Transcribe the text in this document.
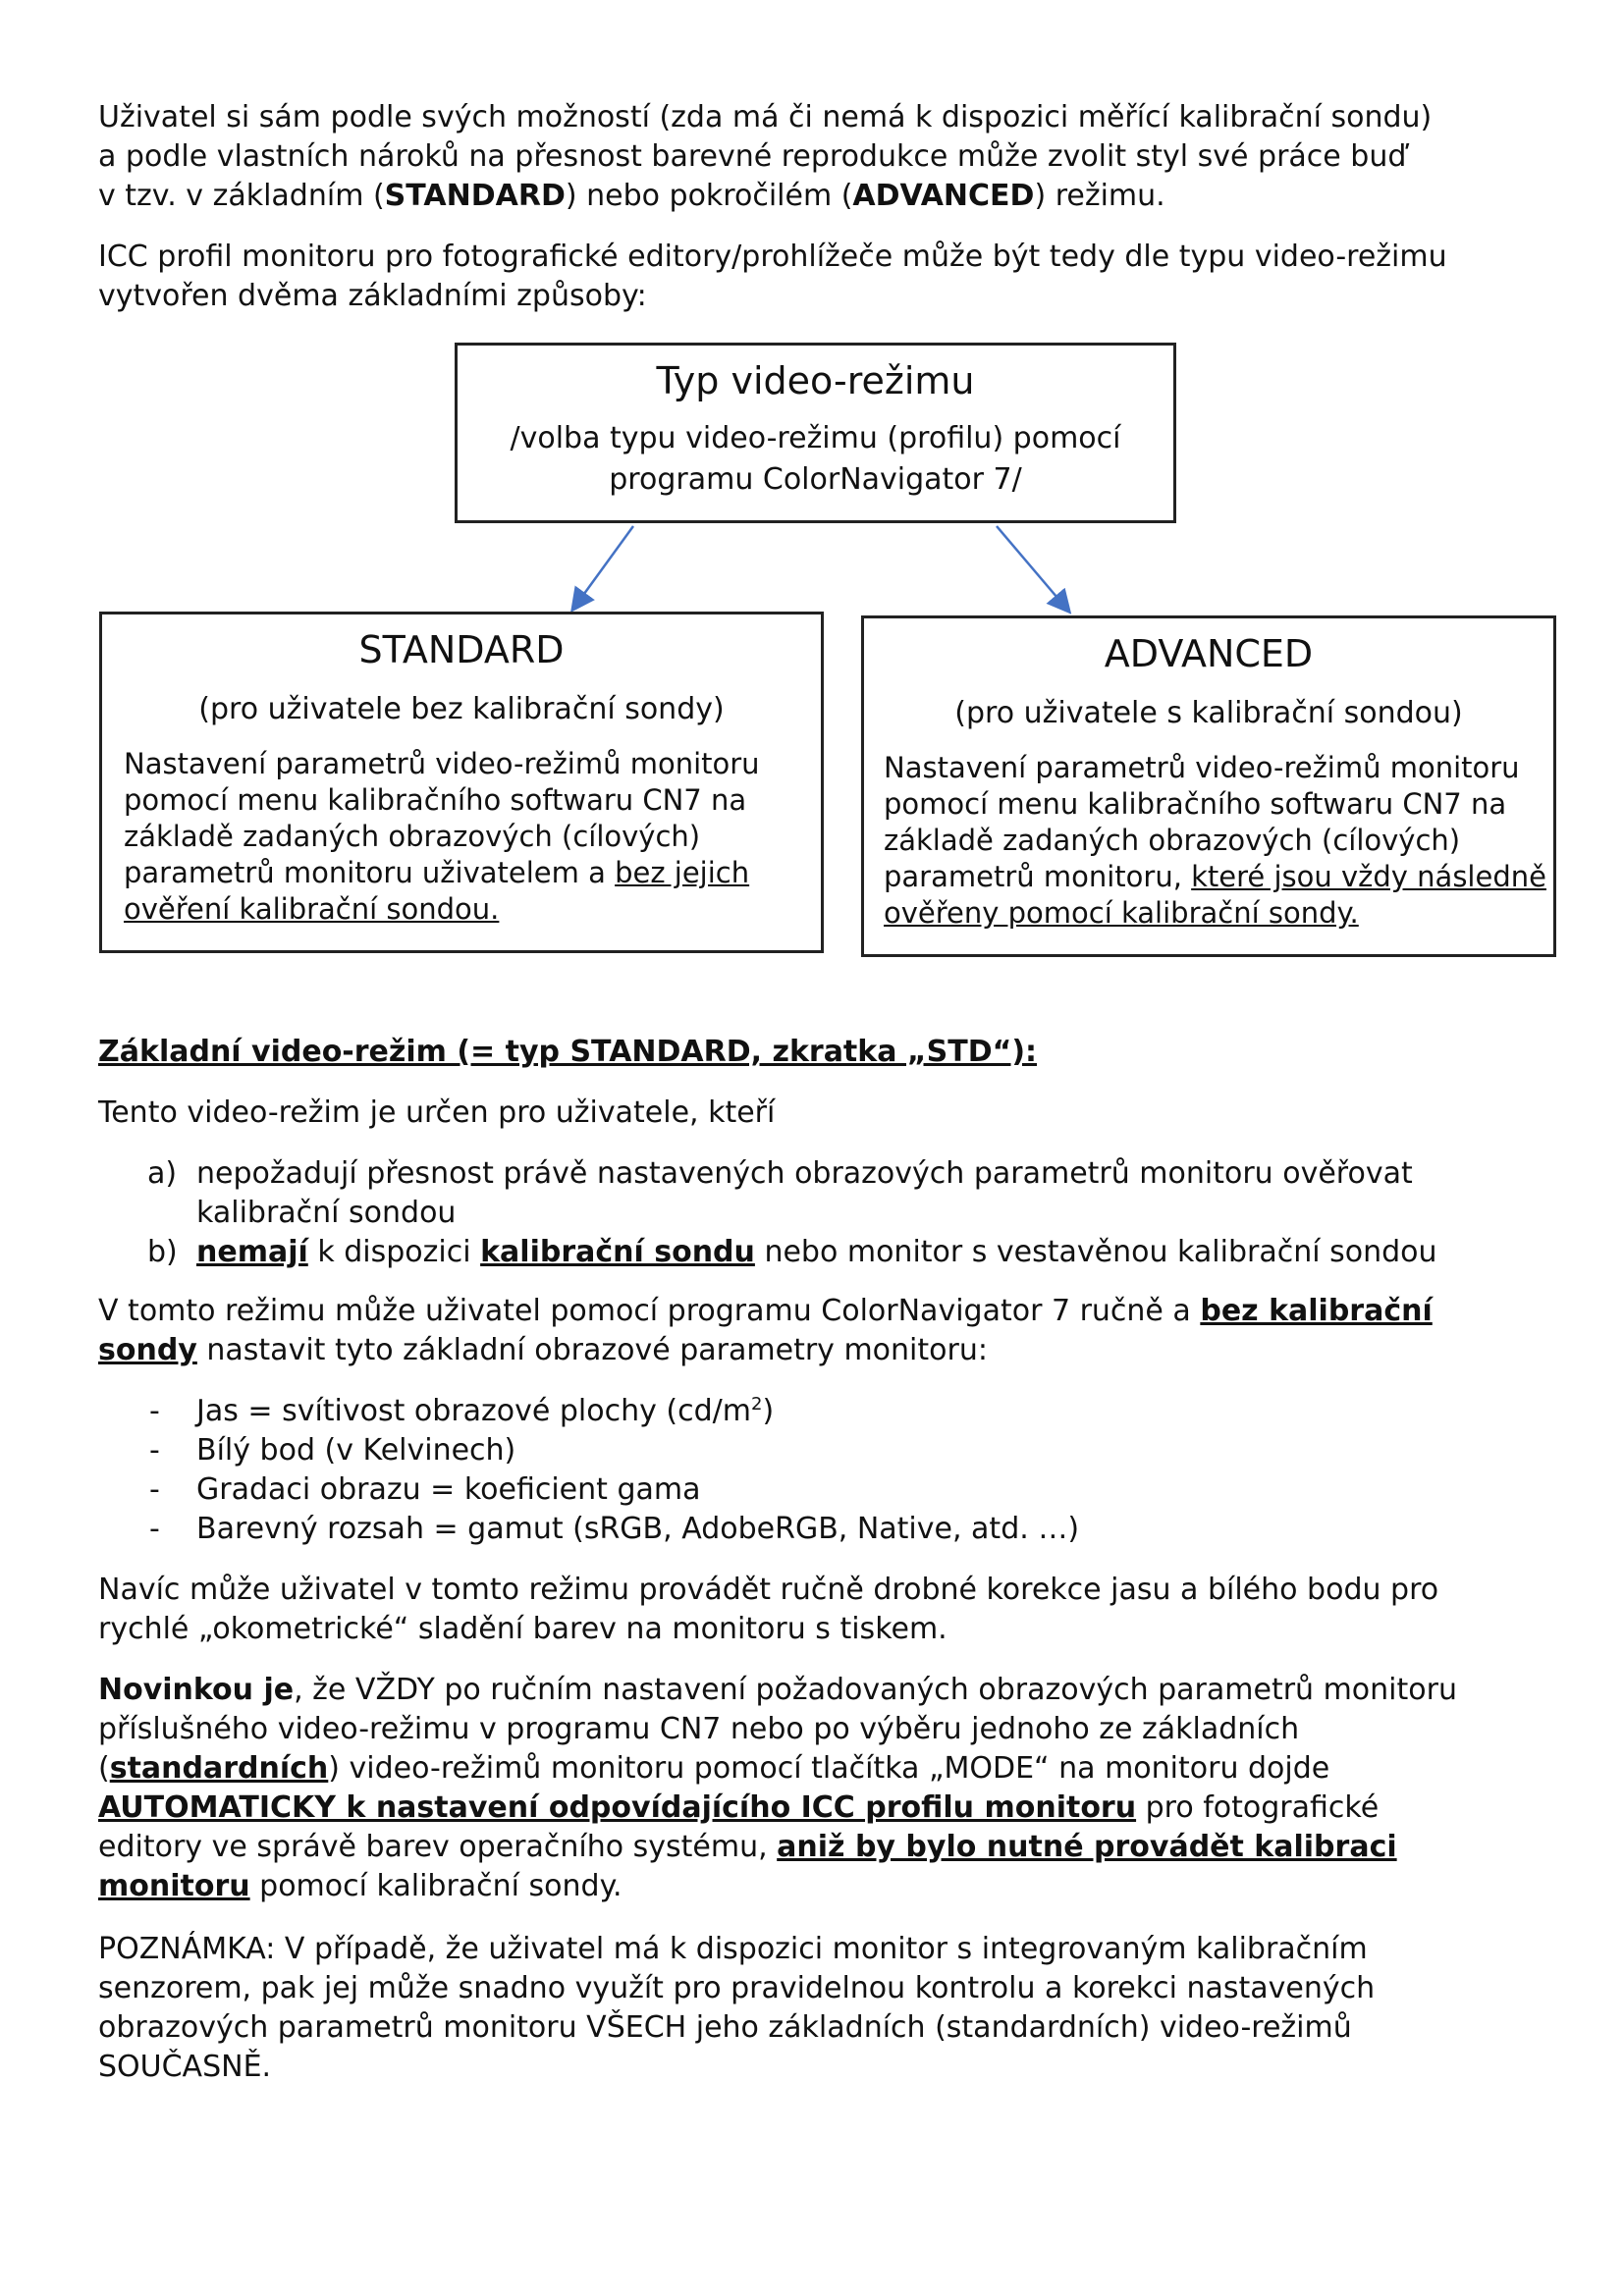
Uživatel si sám podle svých možností (zda má či nemá k dispozici měřící kalibrační sondu)

a podle vlastních nároků na přesnost barevné reprodukce může zvolit styl své práce buď

v tzv. v základním (STANDARD) nebo pokročilém (ADVANCED) režimu.

ICC profil monitoru pro fotografické editory/prohlížeče může být tedy dle typu video-režimu

vytvořen dvěma základními způsoby:

Typ video-režimu
/volba typu video-režimu (profilu) pomocí
programu ColorNavigator 7/
STANDARD
(pro uživatele bez kalibrační sondy)
Nastavení parametrů video-režimů monitoru
pomocí menu kalibračního softwaru CN7 na
základě zadaných obrazových (cílových)
parametrů monitoru uživatelem a bez jejich
ověření kalibrační sondou.
ADVANCED
(pro uživatele s kalibrační sondou)
Nastavení parametrů video-režimů monitoru
pomocí menu kalibračního softwaru CN7 na
základě zadaných obrazových (cílových)
parametrů monitoru, které jsou vždy následně
ověřeny pomocí kalibrační sondy.

Základní video-režim (= typ STANDARD, zkratka „STD“):

Tento video-režim je určen pro uživatele, kteří

a) nepožadují přesnost právě nastavených obrazových parametrů monitoru ověřovat
kalibrační sondou
b) nemají k dispozici kalibrační sondu nebo monitor s vestavěnou kalibrační sondou

V tomto režimu může uživatel pomocí programu ColorNavigator 7 ručně a bez kalibrační

sondy nastavit tyto základní obrazové parametry monitoru:

- Jas = svítivost obrazové plochy $(cd/m^2)$
- Bílý bod (v Kelvinech)
- Gradaci obrazu = koeficient gama
- Barevný rozsah = gamut (sRGB, AdobeRGB, Native, atd. …)

Navíc může uživatel v tomto režimu provádět ručně drobné korekce jasu a bílého bodu pro

rychlé „okometrické“ sladění barev na monitoru s tiskem.

Novinkou je, že VŽDY po ručním nastavení požadovaných obrazových parametrů monitoru

příslušného video-režimu v programu CN7 nebo po výběru jednoho ze základních

(standardních) video-režimů monitoru pomocí tlačítka „MODE“ na monitoru dojde

AUTOMATICKY k nastavení odpovídajícího ICC profilu monitoru pro fotografické

editory ve správě barev operačního systému, aniž by bylo nutné provádět kalibraci

monitoru pomocí kalibrační sondy.

POZNÁMKA: V případě, že uživatel má k dispozici monitor s integrovaným kalibračním

senzorem, pak jej může snadno využít pro pravidelnou kontrolu a korekci nastavených

obrazových parametrů monitoru VŠECH jeho základních (standardních) video-režimů

SOUČASNĚ.
